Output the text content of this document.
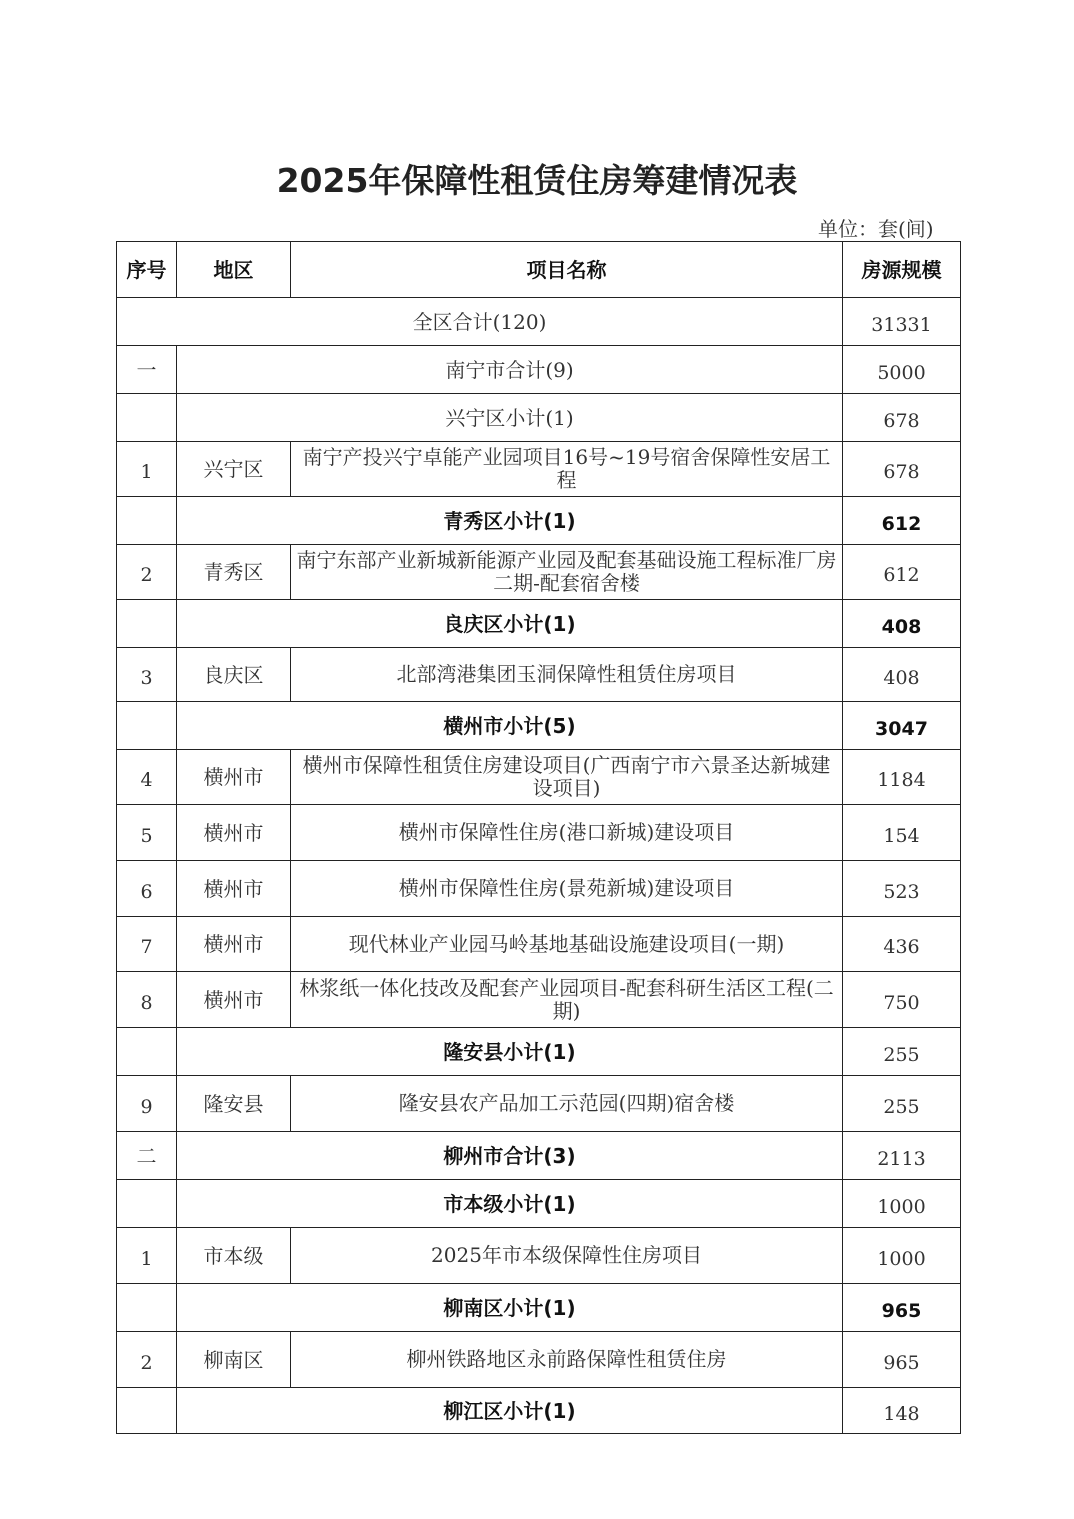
2025年保障性租赁住房筹建情况表
单位：套(间)
序号	地区	项目名称	房源规模
全区合计(120)			31331
一	南宁市合计(9)		5000
	兴宁区小计(1)		678
1	兴宁区	南宁产投兴宁卓能产业园项目16号~19号宿舍保障性安居工程	678
	青秀区小计(1)		612
2	青秀区	南宁东部产业新城新能源产业园及配套基础设施工程标准厂房二期-配套宿舍楼	612
	良庆区小计(1)		408
3	良庆区	北部湾港集团玉洞保障性租赁住房项目	408
	横州市小计(5)		3047
4	横州市	横州市保障性租赁住房建设项目(广西南宁市六景圣达新城建设项目)	1184
5	横州市	横州市保障性住房(港口新城)建设项目	154
6	横州市	横州市保障性住房(景苑新城)建设项目	523
7	横州市	现代林业产业园马岭基地基础设施建设项目(一期)	436
8	横州市	林浆纸一体化技改及配套产业园项目-配套科研生活区工程(二期)	750
	隆安县小计(1)		255
9	隆安县	隆安县农产品加工示范园(四期)宿舍楼	255
二	柳州市合计(3)		2113
	市本级小计(1)		1000
1	市本级	2025年市本级保障性住房项目	1000
	柳南区小计(1)		965
2	柳南区	柳州铁路地区永前路保障性租赁住房	965
	柳江区小计(1)		148
